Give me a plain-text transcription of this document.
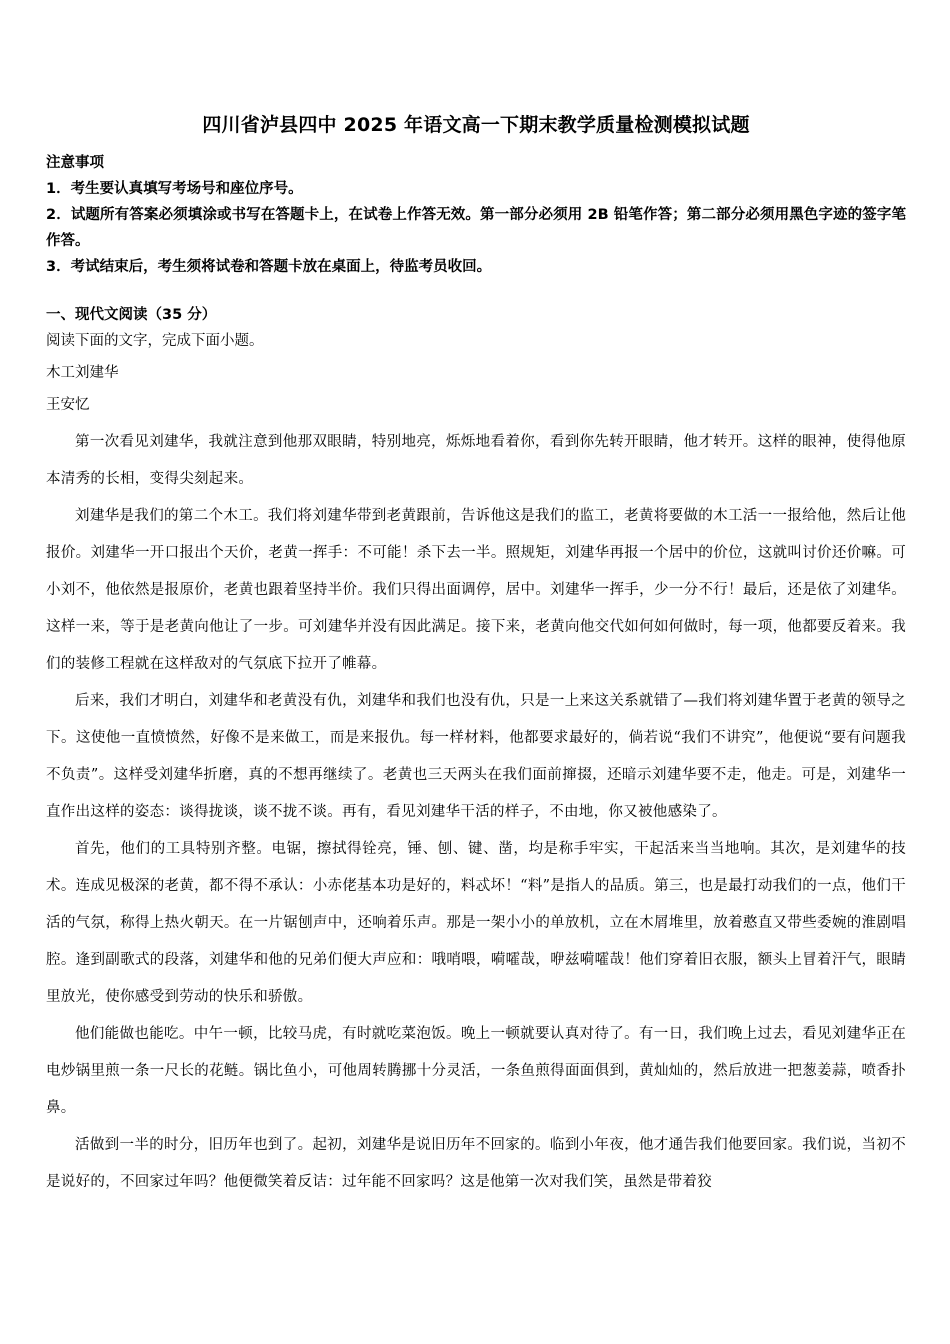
四川省泸县四中 2025 年语文高一下期末教学质量检测模拟试题

注意事项

1．考生要认真填写考场号和座位序号。

2．试题所有答案必须填涂或书写在答题卡上，在试卷上作答无效。第一部分必须用 2B 铅笔作答；第二部分必须用黑色字迹的签字笔作答。

3．考试结束后，考生须将试卷和答题卡放在桌面上，待监考员收回。

一、现代文阅读（35 分）

阅读下面的文字，完成下面小题。

木工刘建华

王安忆

第一次看见刘建华，我就注意到他那双眼睛，特别地亮，烁烁地看着你，看到你先转开眼睛，他才转开。这样的眼神，使得他原本清秀的长相，变得尖刻起来。

刘建华是我们的第二个木工。我们将刘建华带到老黄跟前，告诉他这是我们的监工，老黄将要做的木工活一一报给他，然后让他报价。刘建华一开口报出个天价，老黄一挥手：不可能！杀下去一半。照规矩，刘建华再报一个居中的价位，这就叫讨价还价嘛。可小刘不，他依然是报原价，老黄也跟着坚持半价。我们只得出面调停，居中。刘建华一挥手，少一分不行！最后，还是依了刘建华。这样一来，等于是老黄向他让了一步。可刘建华并没有因此满足。接下来，老黄向他交代如何如何做时，每一项，他都要反着来。我们的装修工程就在这样敌对的气氛底下拉开了帷幕。

后来，我们才明白，刘建华和老黄没有仇，刘建华和我们也没有仇，只是一上来这关系就错了—我们将刘建华置于老黄的领导之下。这使他一直愤愤然，好像不是来做工，而是来报仇。每一样材料，他都要求最好的，倘若说“我们不讲究”，他便说“要有问题我不负责”。这样受刘建华折磨，真的不想再继续了。老黄也三天两头在我们面前撺掇，还暗示刘建华要不走，他走。可是，刘建华一直作出这样的姿态：谈得拢谈，谈不拢不谈。再有，看见刘建华干活的样子，不由地，你又被他感染了。

首先，他们的工具特别齐整。电锯，擦拭得铨亮，锤、刨、键、凿，均是称手牢实，干起活来当当地响。其次，是刘建华的技术。连成见极深的老黄，都不得不承认：小赤佬基本功是好的，料忒坏！“料”是指人的品质。第三，也是最打动我们的一点，他们干活的气氛，称得上热火朝天。在一片锯刨声中，还响着乐声。那是一架小小的单放机，立在木屑堆里，放着憨直又带些委婉的淮剧唱腔。逢到副歌式的段落，刘建华和他的兄弟们便大声应和：哦哨喂，嗬嚯哉，咿兹嗬嚯哉！他们穿着旧衣服，额头上冒着汗气，眼睛里放光，使你感受到劳动的快乐和骄傲。

他们能做也能吃。中午一顿，比较马虎，有时就吃菜泡饭。晚上一顿就要认真对待了。有一日，我们晚上过去，看见刘建华正在电炒锅里煎一条一尺长的花鲢。锅比鱼小，可他周转腾挪十分灵活，一条鱼煎得面面俱到，黄灿灿的，然后放进一把葱姜蒜，喷香扑鼻。

活做到一半的时分，旧历年也到了。起初，刘建华是说旧历年不回家的。临到小年夜，他才通告我们他要回家。我们说，当初不是说好的，不回家过年吗？他便微笑着反诘：过年能不回家吗？这是他第一次对我们笑，虽然是带着狡
